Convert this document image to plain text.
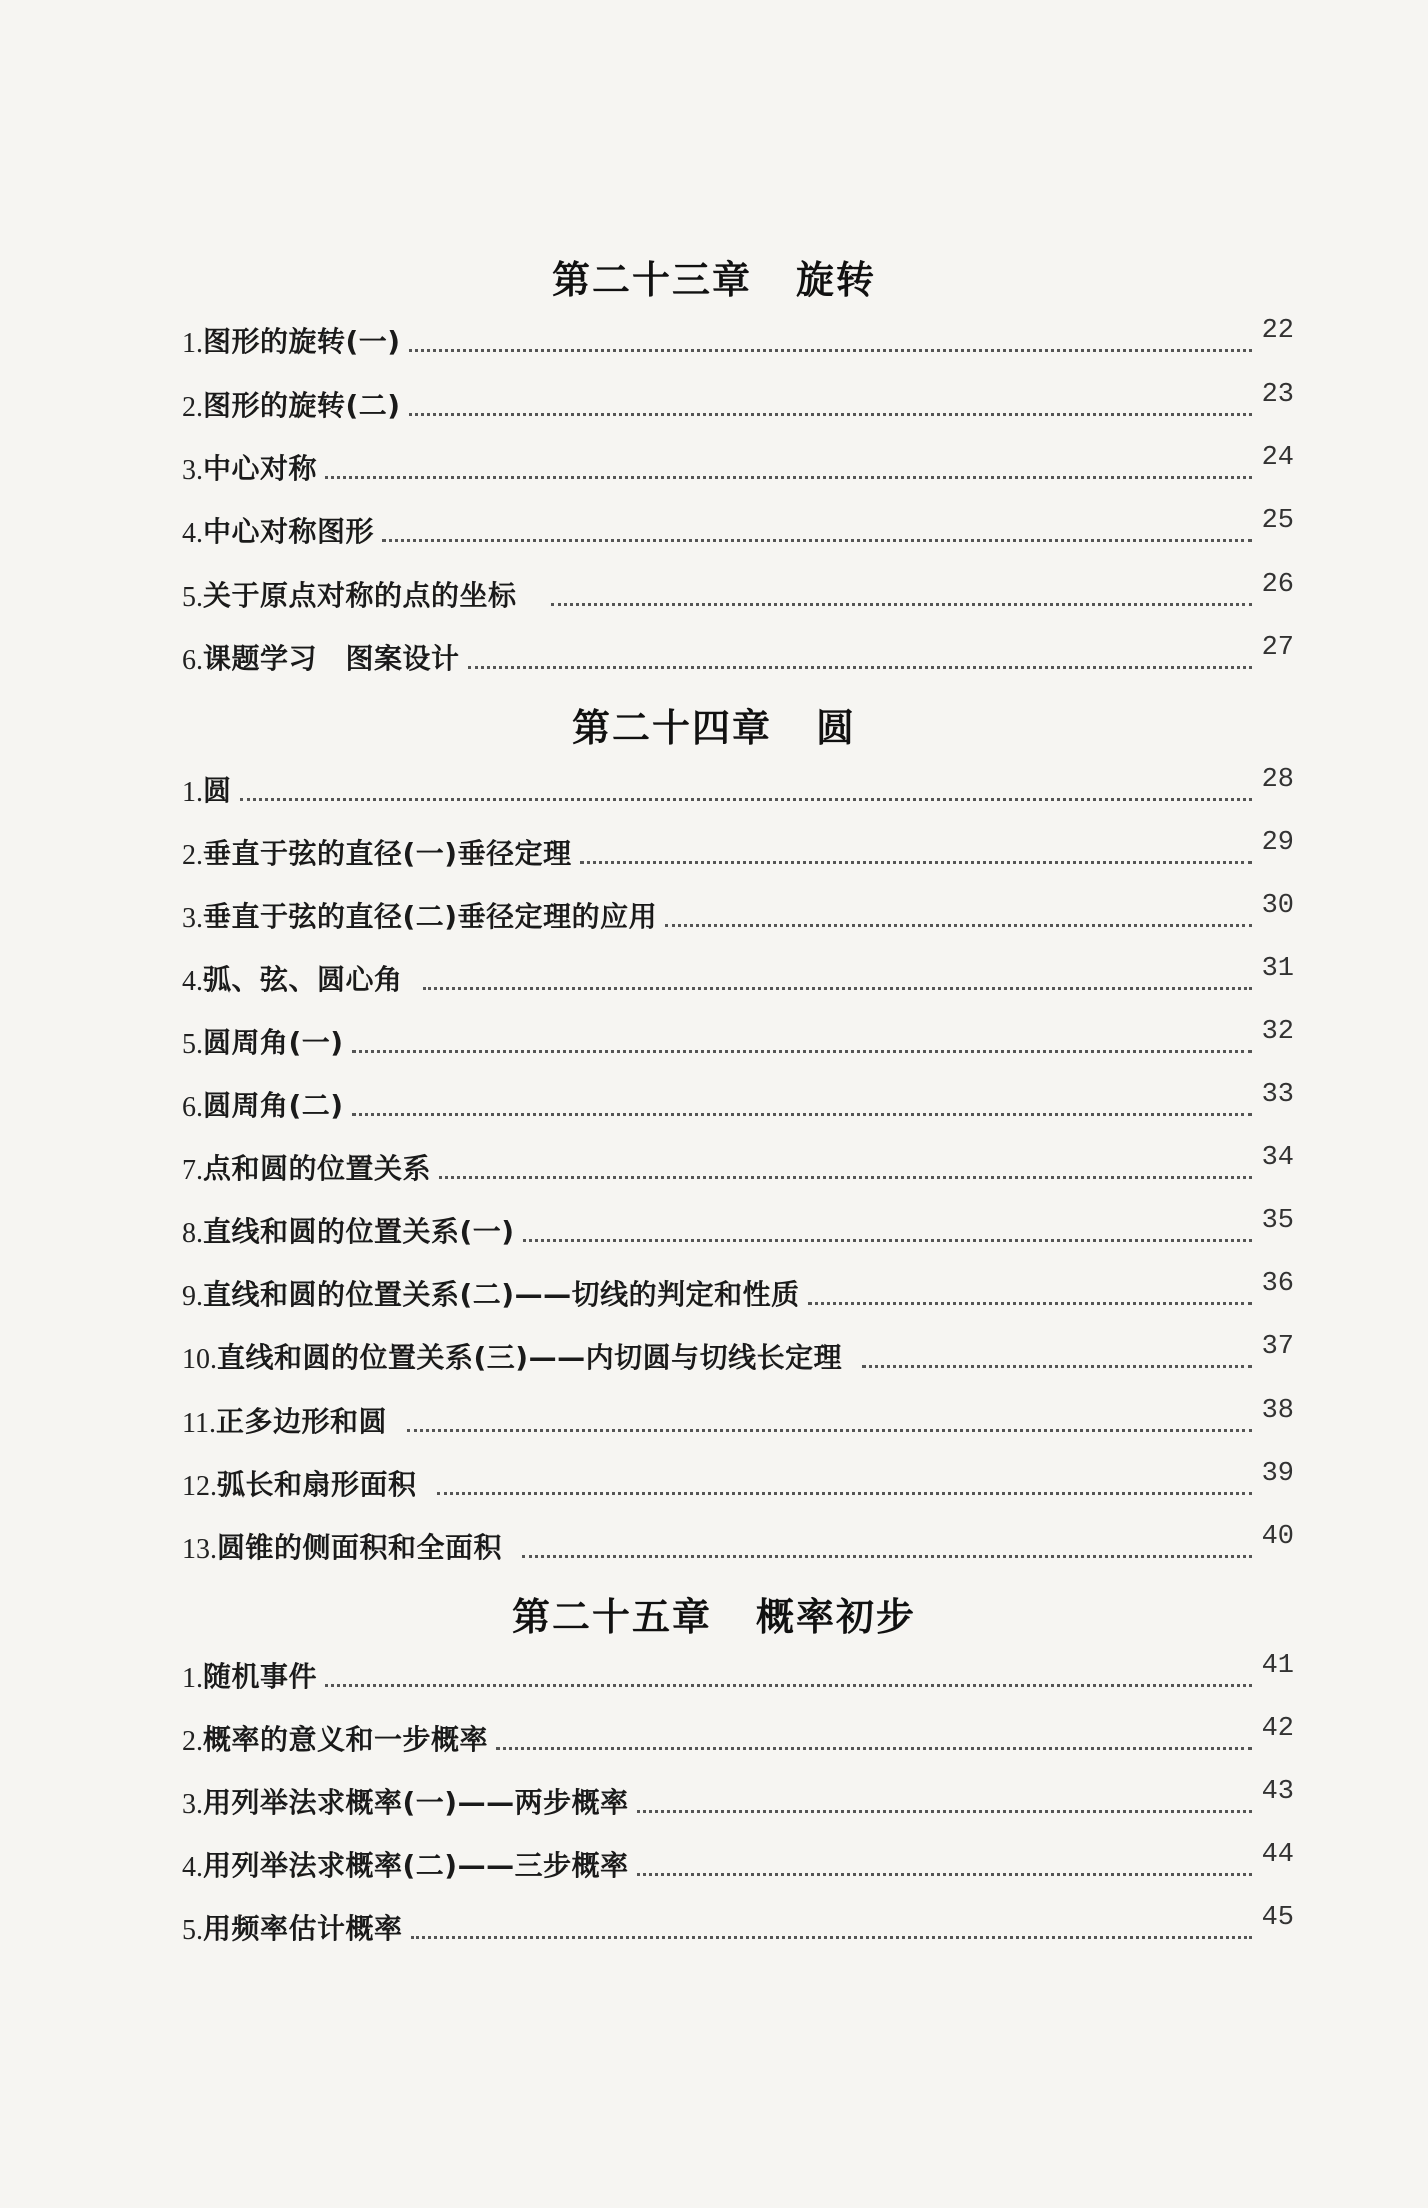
第二十三章 旋转
1. 图形的旋转(一)	22
2. 图形的旋转(二)	23
3. 中心对称	24
4. 中心对称图形	25
5. 关于原点对称的点的坐标	26
6. 课题学习　图案设计	27
第二十四章 圆
1. 圆	28
2. 垂直于弦的直径(一)垂径定理	29
3. 垂直于弦的直径(二)垂径定理的应用	30
4. 弧、弦、圆心角	31
5. 圆周角(一)	32
6. 圆周角(二)	33
7. 点和圆的位置关系	34
8. 直线和圆的位置关系(一)	35
9. 直线和圆的位置关系(二)——切线的判定和性质	36
10. 直线和圆的位置关系(三)——内切圆与切线长定理	37
11. 正多边形和圆	38
12. 弧长和扇形面积	39
13. 圆锥的侧面积和全面积	40
第二十五章 概率初步
1. 随机事件	41
2. 概率的意义和一步概率	42
3. 用列举法求概率(一)——两步概率	43
4. 用列举法求概率(二)——三步概率	44
5. 用频率估计概率	45
